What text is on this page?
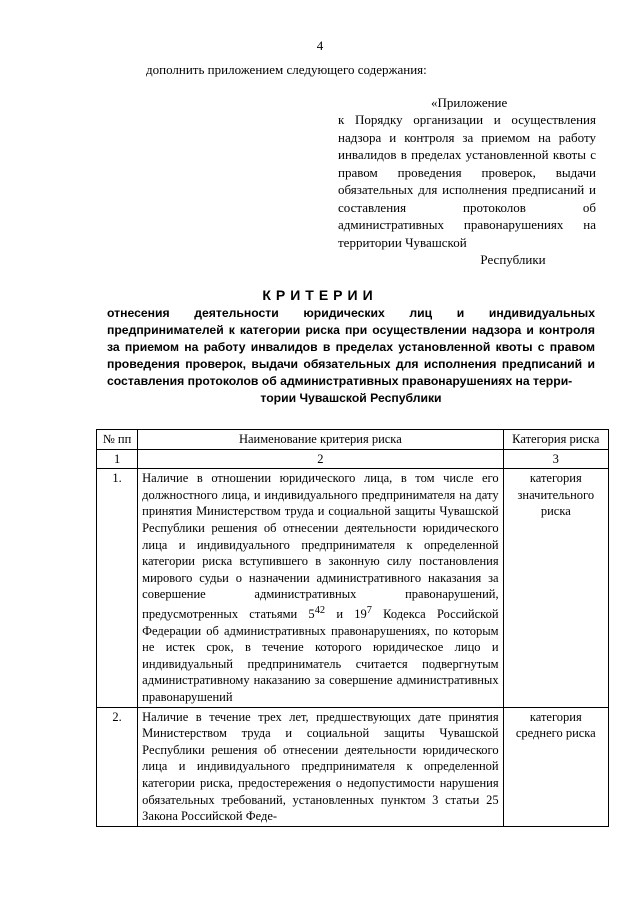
4
дополнить приложением следующего содержания:
«Приложение
к Порядку организации и осуществления надзора и контроля за приемом на работу инвалидов в пределах установленной квоты с правом проведения проверок, выдачи обязательных для исполнения предписаний и составления протоколов об административных правонарушениях на территории Чувашской
Республики
КРИТЕРИИ
отнесения деятельности юридических лиц и индивидуальных предпринимателей к категории риска при осуществлении надзора и контроля за приемом на работу инвалидов в пределах установленной квоты с правом проведения проверок, выдачи обязательных для исполнения предписаний и составления протоколов об административных правонарушениях на терри-
тории Чувашской Республики
№ пп	Наименование критерия риска	Категория риска
1	2	3
1.	Наличие в отношении юридического лица, в том числе его должностного лица, и индивидуального предпринимателя на дату принятия Министерством труда и социальной защиты Чувашской Республики решения об отнесении деятельности юридического лица и индивидуального предпринимателя к определенной категории риска вступившего в законную силу постановления мирового судьи о назначении административного наказания за совершение административных правонарушений, предусмотренных статьями $5^{42}$ и $19^7$ Кодекса Российской Федерации об административных правонарушениях, по которым не истек срок, в течение которого юридическое лицо и индивидуальный предприниматель считается подвергнутым административному наказанию за совершение административных правонарушений	категория значительного риска
2.	Наличие в течение трех лет, предшествующих дате принятия Министерством труда и социальной защиты Чувашской Республики решения об отнесении деятельности юридического лица и индивидуального предпринимателя к определенной категории риска, предостережения о недопустимости нарушения обязательных требований, установленных пунктом 3 статьи 25 Закона Российской Феде-	категория среднего риска
